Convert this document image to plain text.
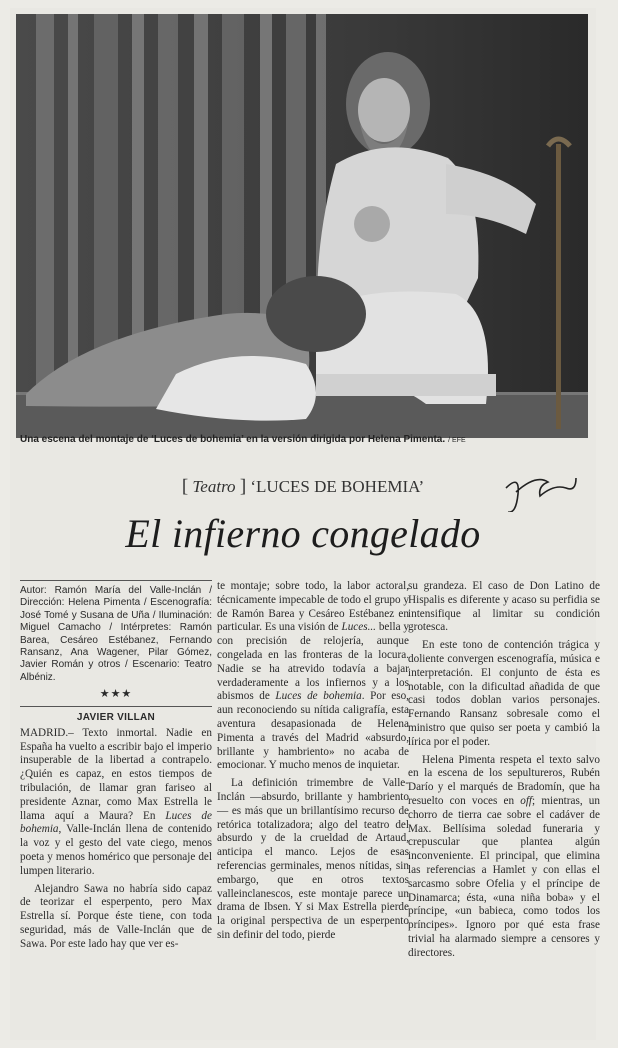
Una escena del montaje de ‘Luces de bohemia’ en la versión dirigida por Helena Pimenta. / EFE
[ Teatro ] ‘LUCES DE BOHEMIA’
El infierno congelado
Autor: Ramón María del Valle-Inclán / Dirección: Helena Pimenta / Escenografía: José Tomé y Susana de Uña / Iluminación: Miguel Camacho / Intérpretes: Ramón Barea, Cesáreo Estébanez, Fernando Ransanz, Ana Wagener, Pilar Gómez, Javier Román y otros / Escenario: Teatro Albéniz.
★★★
JAVIER VILLAN

MADRID.– Texto inmortal. Nadie en España ha vuelto a escribir bajo el imperio insuperable de la libertad a contrapelo. ¿Quién es capaz, en estos tiempos de tribulación, de llamar gran fariseo al presidente Aznar, como Max Estrella le llama aquí a Maura? En Luces de bohemia, Valle-Inclán llena de contenido la voz y el gesto del vate ciego, menos poeta y menos homérico que personaje del lumpen literario.

Alejandro Sawa no habría sido capaz de teorizar el esperpento, pero Max Estrella sí. Porque éste tiene, con toda seguridad, más de Valle-Inclán que de Sawa. Por este lado hay que ver es-

te montaje; sobre todo, la labor actoral, técnicamente impecable de todo el grupo y de Ramón Barea y Cesáreo Estébanez en particular. Es una visión de Luces... bella y con precisión de relojería, aunque congelada en las fronteras de la locura. Nadie se ha atrevido todavía a bajar verdaderamente a los infiernos y a los abismos de Luces de bohemia. Por eso, aun reconociendo su nítida caligrafía, esta aventura desapasionada de Helena Pimenta a través del Madrid «absurdo, brillante y hambriento» no acaba de emocionar. Y mucho menos de inquietar.

La definición trimembre de Valle-Inclán —absurdo, brillante y hambriento— es más que un brillantísimo recurso de retórica totalizadora; algo del teatro del absurdo y de la crueldad de Artaud, anticipa el manco. Lejos de esas referencias germinales, menos nítidas, sin embargo, que en otros textos valleinclanescos, este montaje parece un drama de Ibsen. Y si Max Estrella pierde la original perspectiva de un esperpento sin definir del todo, pierde

su grandeza. El caso de Don Latino de Hispalis es diferente y acaso su perfidia se intensifique al limitar su condición grotesca.

En este tono de contención trágica y doliente convergen escenografía, música e interpretación. El conjunto de ésta es notable, con la dificultad añadida de que casi todos doblan varios personajes. Fernando Ransanz sobresale como el ministro que quiso ser poeta y cambió la lírica por el poder.

Helena Pimenta respeta el texto salvo en la escena de los sepultureros, Rubén Darío y el marqués de Bradomín, que ha resuelto con voces en off; mientras, un chorro de tierra cae sobre el cadáver de Max. Bellísima soledad funeraria y crepuscular que plantea algún inconveniente. El principal, que elimina las referencias a Hamlet y con ellas el sarcasmo sobre Ofelia y el príncipe de Dinamarca; ésta, «una niña boba» y el príncipe, «un babieca, como todos los príncipes». Ignoro por qué esta frase trivial ha alarmado siempre a censores y directores.
